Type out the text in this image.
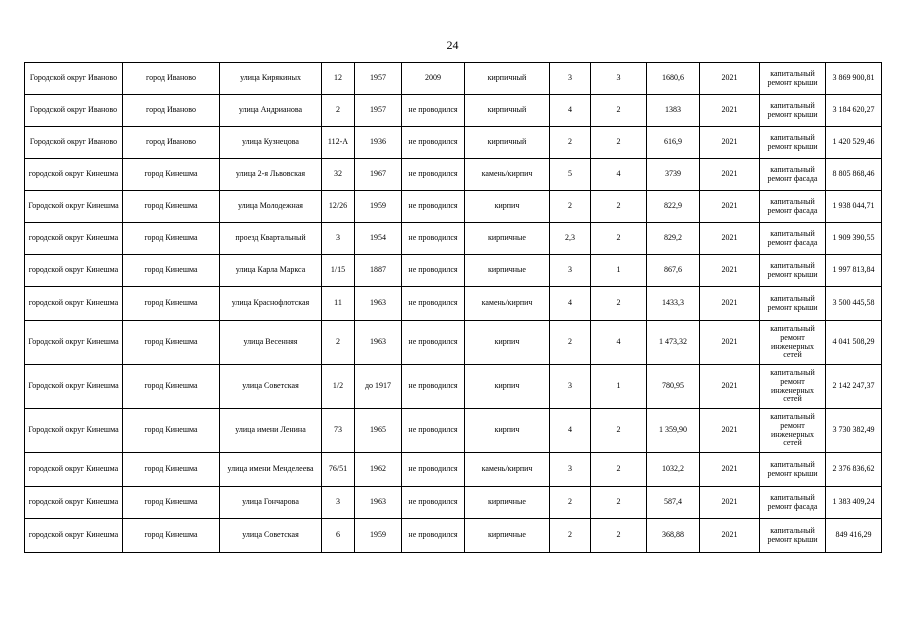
24
Городской округ Иваново	город Иваново	улица Кирякиных	12	1957	2009	кирпичный	3	3	1680,6	2021	капитальный ремонт крыши	3 869 900,81
Городской округ Иваново	город Иваново	улица Андрианова	2	1957	не проводился	кирпичный	4	2	1383	2021	капитальный ремонт крыши	3 184 620,27
Городской округ Иваново	город Иваново	улица Кузнецова	112-А	1936	не проводился	кирпичный	2	2	616,9	2021	капитальный ремонт крыши	1 420 529,46
городской округ Кинешма	город Кинешма	улица 2-я Львовская	32	1967	не проводился	камень/кирпич	5	4	3739	2021	капитальный ремонт фасада	8 805 868,46
Городской округ Кинешма	город Кинешма	улица Молодежная	12/26	1959	не проводился	кирпич	2	2	822,9	2021	капитальный ремонт фасада	1 938 044,71
городской округ Кинешма	город Кинешма	проезд Квартальный	3	1954	не проводился	кирпичные	2,3	2	829,2	2021	капитальный ремонт фасада	1 909 390,55
городской округ Кинешма	город Кинешма	улица Карла Маркса	1/15	1887	не проводился	кирпичные	3	1	867,6	2021	капитальный ремонт крыши	1 997 813,84
городской округ Кинешма	город Кинешма	улица Краснофлотская	11	1963	не проводился	камень/кирпич	4	2	1433,3	2021	капитальный ремонт крыши	3 500 445,58
Городской округ Кинешма	город Кинешма	улица Весенняя	2	1963	не проводился	кирпич	2	4	1 473,32	2021	капитальный ремонт инженерных сетей	4 041 508,29
Городской округ Кинешма	город Кинешма	улица Советская	1/2	до 1917	не проводился	кирпич	3	1	780,95	2021	капитальный ремонт инженерных сетей	2 142 247,37
Городской округ Кинешма	город Кинешма	улица имени Ленина	73	1965	не проводился	кирпич	4	2	1 359,90	2021	капитальный ремонт инженерных сетей	3 730 382,49
городской округ Кинешма	город Кинешма	улица имени Менделеева	76/51	1962	не проводился	камень/кирпич	3	2	1032,2	2021	капитальный ремонт крыши	2 376 836,62
городской округ Кинешма	город Кинешма	улица Гончарова	3	1963	не проводился	кирпичные	2	2	587,4	2021	капитальный ремонт фасада	1 383 409,24
городской округ Кинешма	город Кинешма	улица Советская	6	1959	не проводился	кирпичные	2	2	368,88	2021	капитальный ремонт крыши	849 416,29
